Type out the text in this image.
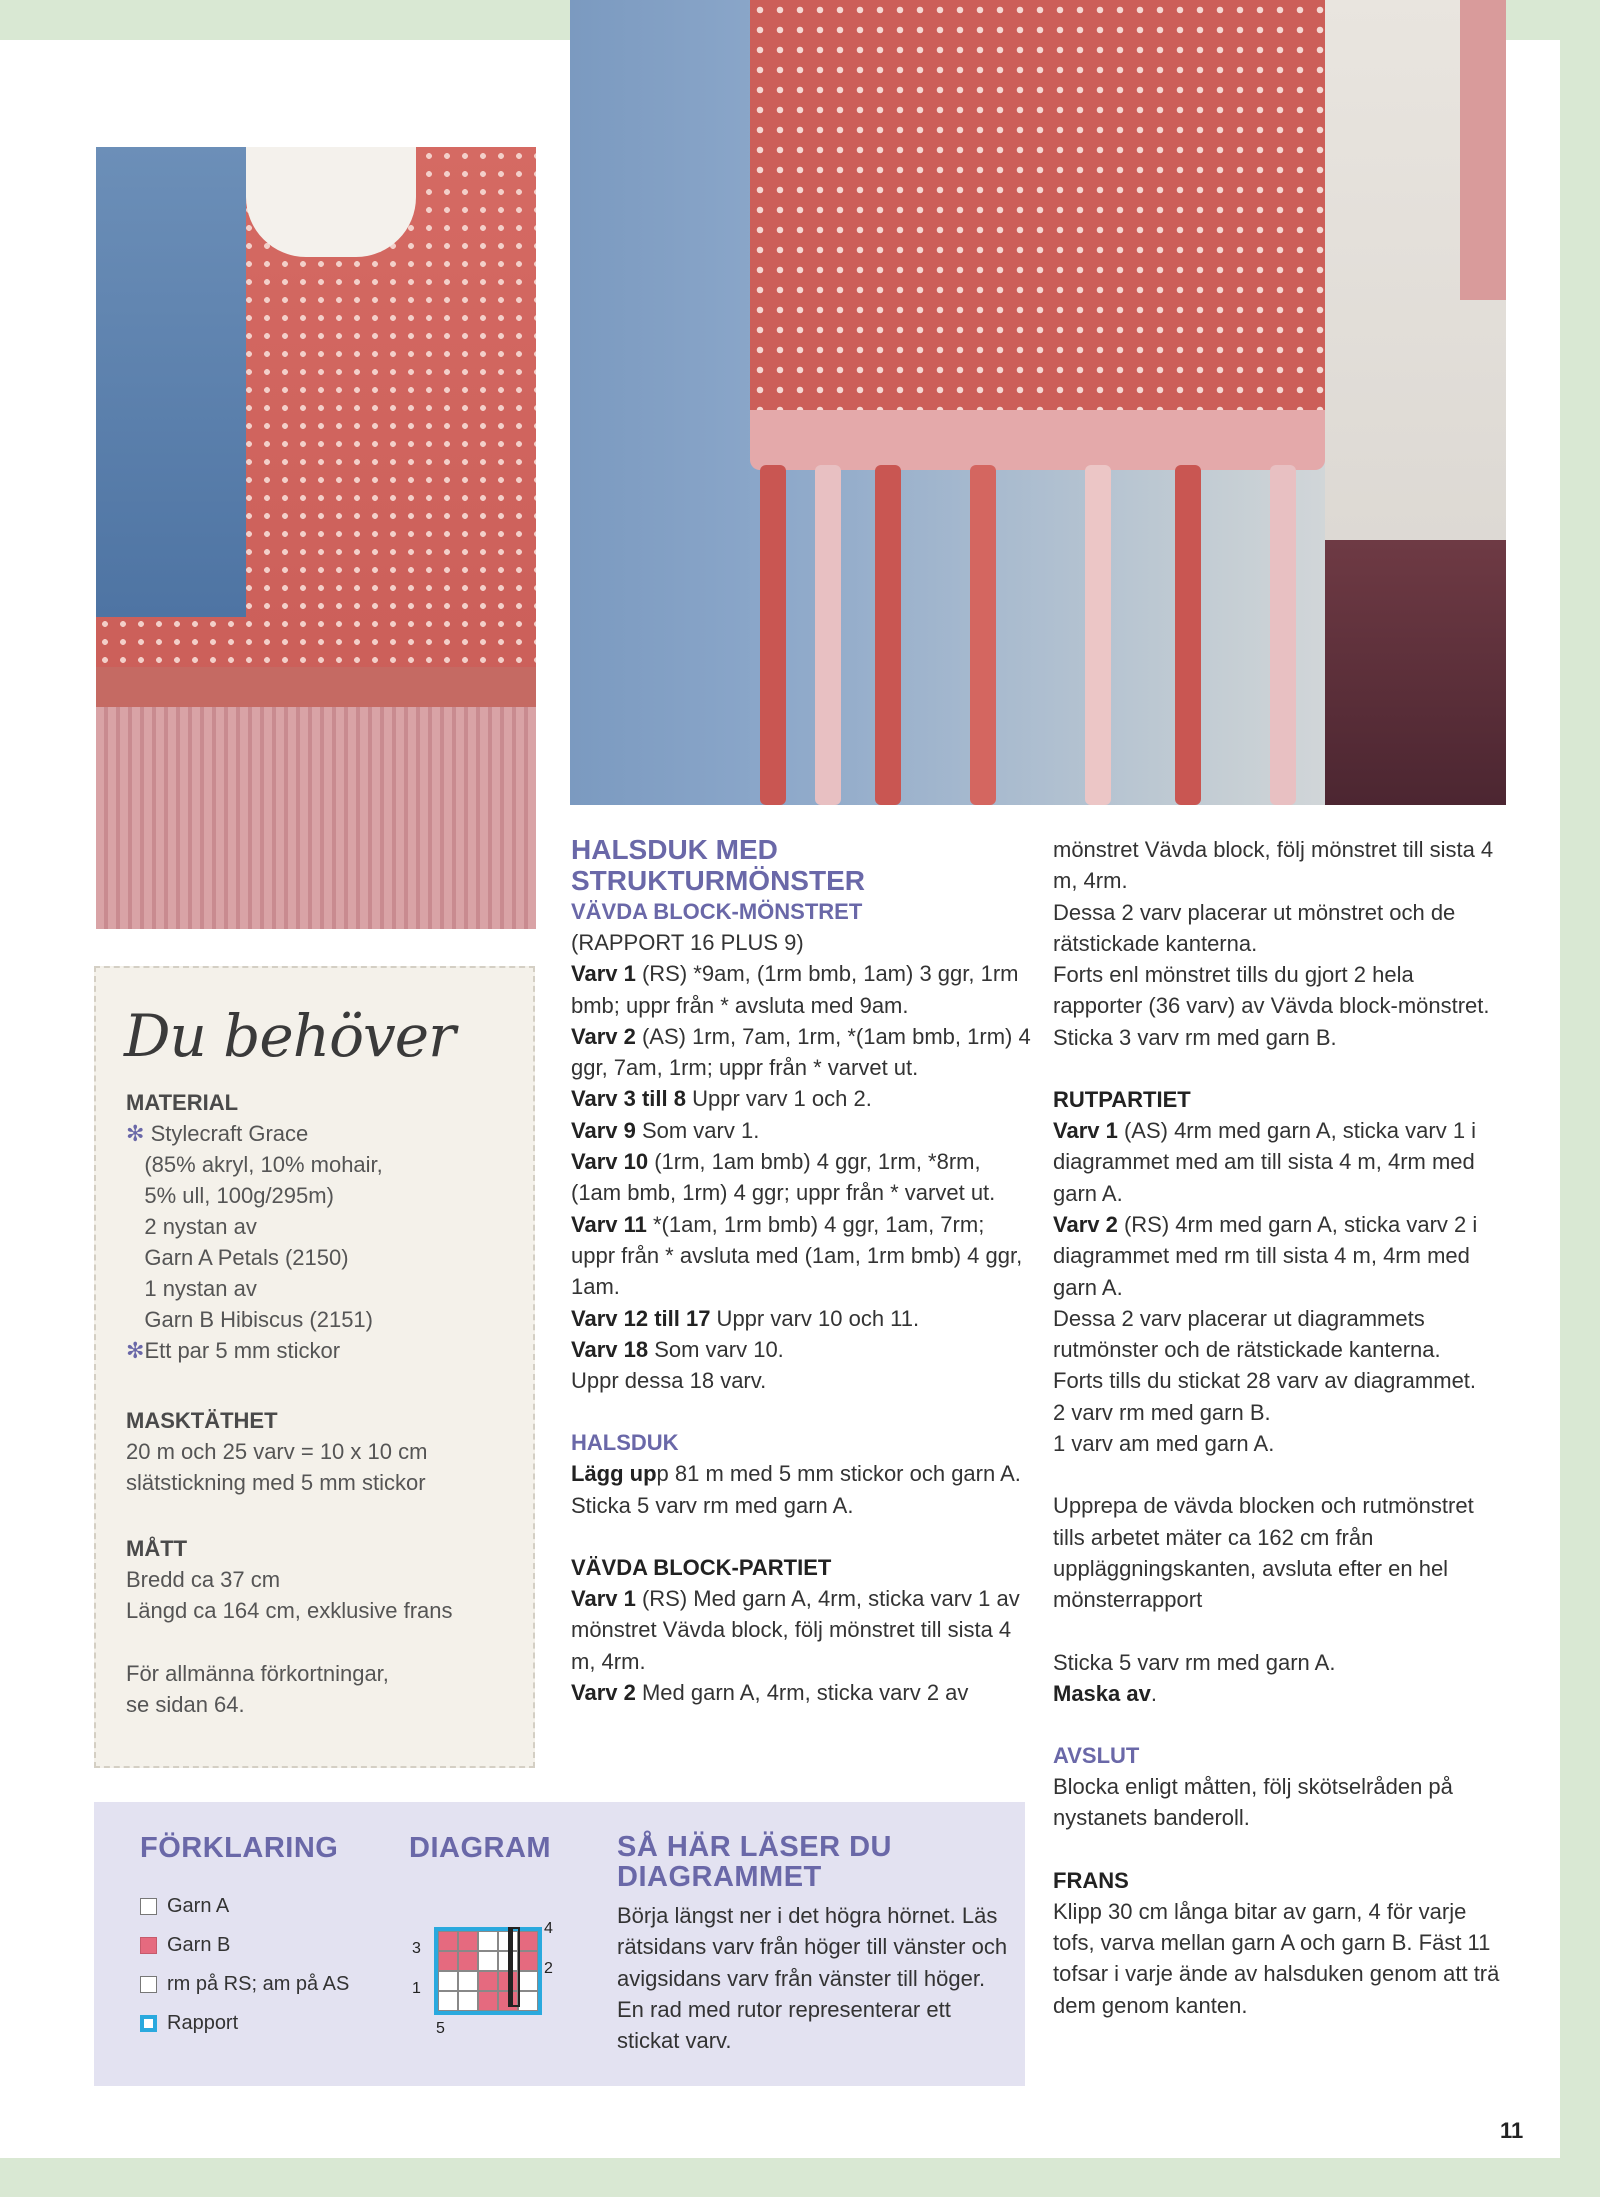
Du behöver
MATERIAL
✻ Stylecraft Grace
(85% akryl, 10% mohair,
5% ull, 100g/295m)
2 nystan av
Garn A Petals (2150)
1 nystan av
Garn B Hibiscus (2151)
✻Ett par 5 mm stickor
MASKTÄTHET
20 m och 25 varv = 10 x 10 cm
slätstickning med 5 mm stickor
MÅTT
Bredd ca 37 cm
Längd ca 164 cm, exklusive frans
För allmänna förkortningar,
se sidan 64.

HALSDUK MED
STRUKTURMÖNSTER

VÄVDA BLOCK-MÖNSTRET

(RAPPORT 16 PLUS 9)

Varv 1 (RS) *9am, (1rm bmb, 1am) 3 ggr, 1rm bmb; uppr från * avsluta med 9am.

Varv 2 (AS) 1rm, 7am, 1rm, *(1am bmb, 1rm) 4 ggr, 7am, 1rm; uppr från * varvet ut.

Varv 3 till 8 Uppr varv 1 och 2.

Varv 9 Som varv 1.

Varv 10 (1rm, 1am bmb) 4 ggr, 1rm, *8rm, (1am bmb, 1rm) 4 ggr; uppr från * varvet ut.

Varv 11 *(1am, 1rm bmb) 4 ggr, 1am, 7rm; uppr från * avsluta med (1am, 1rm bmb) 4 ggr, 1am.

Varv 12 till 17 Uppr varv 10 och 11.

Varv 18 Som varv 10.

Uppr dessa 18 varv.

HALSDUK

Lägg upp 81 m med 5 mm stickor och garn A.

Sticka 5 varv rm med garn A.

VÄVDA BLOCK-PARTIET

Varv 1 (RS) Med garn A, 4rm, sticka varv 1 av mönstret Vävda block, följ mönstret till sista 4 m, 4rm.

Varv 2 Med garn A, 4rm, sticka varv 2 av

mönstret Vävda block, följ mönstret till sista 4 m, 4rm.

Dessa 2 varv placerar ut mönstret och de rätstickade kanterna.

Forts enl mönstret tills du gjort 2 hela rapporter (36 varv) av Vävda block-mönstret.

Sticka 3 varv rm med garn B.

RUTPARTIET

Varv 1 (AS) 4rm med garn A, sticka varv 1 i diagrammet med am till sista 4 m, 4rm med garn A.

Varv 2 (RS) 4rm med garn A, sticka varv 2 i diagrammet med rm till sista 4 m, 4rm med garn A.

Dessa 2 varv placerar ut diagrammets rutmönster och de rätstickade kanterna.

Forts tills du stickat 28 varv av diagrammet.

2 varv rm med garn B.

1 varv am med garn A.

Upprepa de vävda blocken och rutmönstret tills arbetet mäter ca 162 cm från uppläggningskanten, avsluta efter en hel mönsterrapport

Sticka 5 varv rm med garn A.

Maska av.

AVSLUT

Blocka enligt måtten, följ skötselråden på nystanets banderoll.

FRANS

Klipp 30 cm långa bitar av garn, 4 för varje tofs, varva mellan garn A och garn B. Fäst 11 tofsar i varje ände av halsduken genom att trä dem genom kanten.

FÖRKLARING
Garn A
Garn B
rm på RS; am på AS
Rapport
DIAGRAM
4
2
3
1
5
SÅ HÄR LÄSER DU
DIAGRAMMET
Börja längst ner i det högra hörnet. Läs rätsidans varv från höger till vänster och avigsidans varv från vänster till höger. En rad med rutor representerar ett stickat varv.
11
